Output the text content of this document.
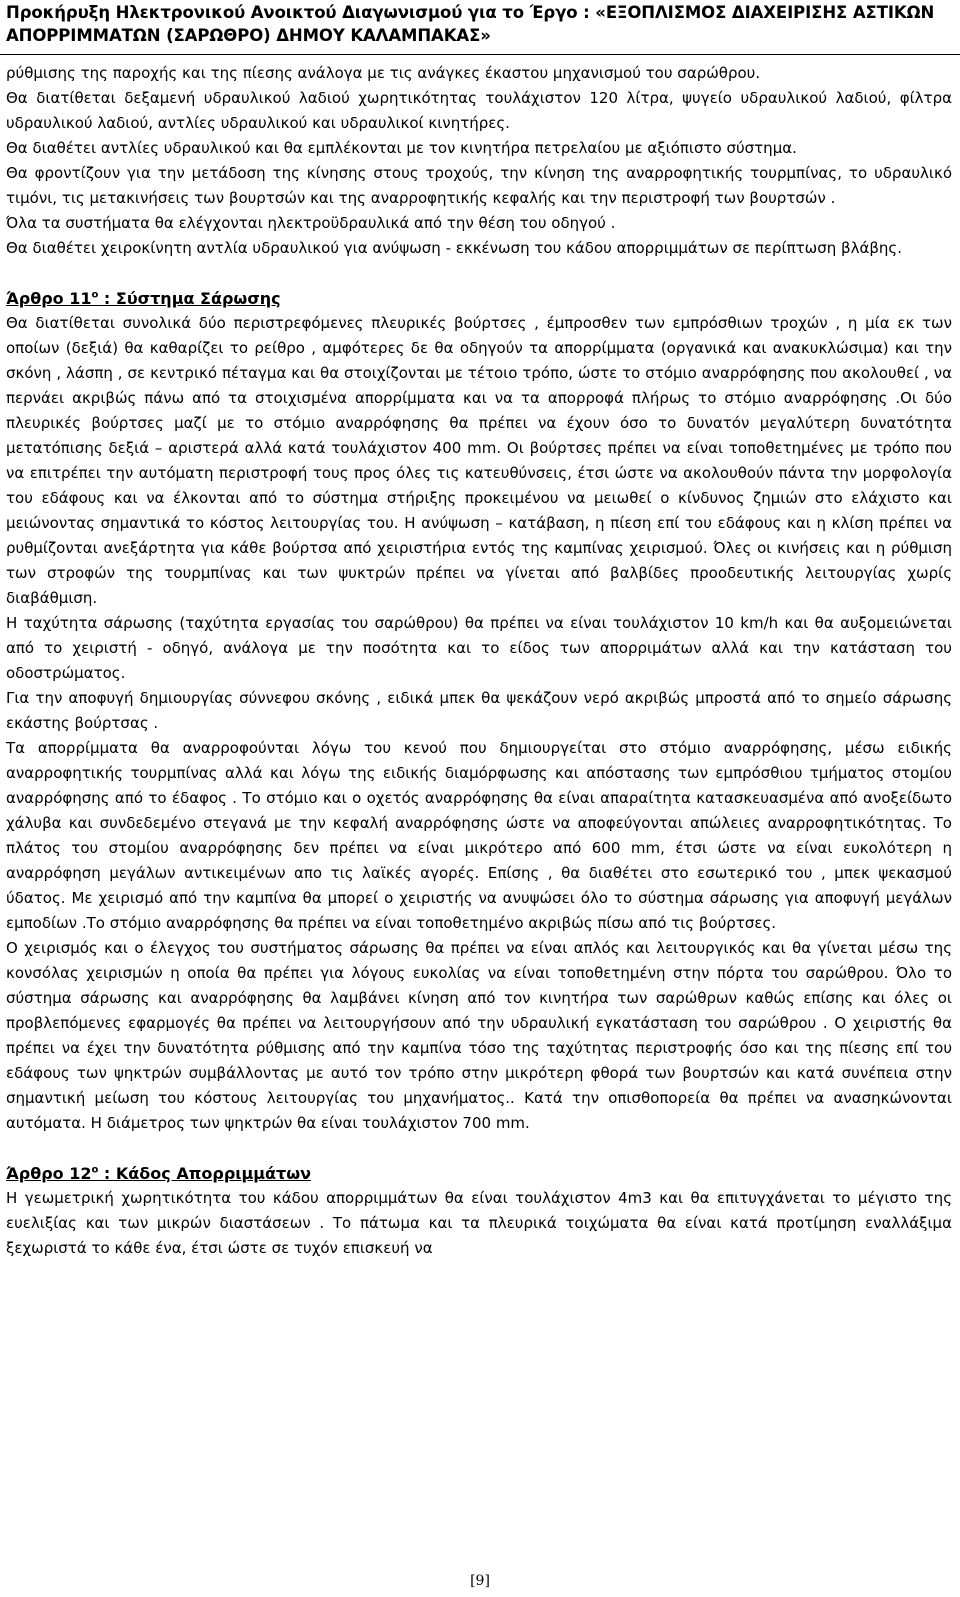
Προκήρυξη Ηλεκτρονικού Ανοικτού Διαγωνισμού για το Έργο : «ΕΞΟΠΛΙΣΜΟΣ ΔΙΑΧΕΙΡΙΣΗΣ ΑΣΤΙΚΩΝ ΑΠΟΡΡΙΜΜΑΤΩΝ (ΣΑΡΩΘΡΟ) ΔΗΜΟΥ ΚΑΛΑΜΠΑΚΑΣ»

ρύθμισης της παροχής και της πίεσης ανάλογα με τις ανάγκες έκαστου μηχανισμού του σαρώθρου.

Θα διατίθεται δεξαμενή υδραυλικού λαδιού χωρητικότητας τουλάχιστον 120 λίτρα, ψυγείο υδραυλικού λαδιού, φίλτρα υδραυλικού λαδιού, αντλίες υδραυλικού και υδραυλικοί κινητήρες.

Θα διαθέτει αντλίες υδραυλικού και θα εμπλέκονται με τον κινητήρα πετρελαίου με αξιόπιστο σύστημα.

Θα φροντίζουν για την μετάδοση της κίνησης στους τροχούς, την κίνηση της αναρροφητικής τουρμπίνας, το υδραυλικό τιμόνι, τις μετακινήσεις των βουρτσών και της αναρροφητικής κεφαλής και την περιστροφή των βουρτσών .

Όλα τα συστήματα θα ελέγχονται ηλεκτροϋδραυλικά από την θέση του οδηγού .

Θα διαθέτει χειροκίνητη αντλία υδραυλικού για ανύψωση - εκκένωση του κάδου απορριμμάτων σε περίπτωση βλάβης.

Άρθρο $11^o$ : Σύστημα Σάρωσης

Θα διατίθεται συνολικά δύο περιστρεφόμενες πλευρικές βούρτσες , έμπροσθεν των εμπρόσθιων τροχών , η μία εκ των οποίων (δεξιά) θα καθαρίζει το ρείθρο , αμφότερες δε θα οδηγούν τα απορρίμματα (οργανικά και ανακυκλώσιμα) και την σκόνη , λάσπη , σε κεντρικό πέταγμα και θα στοιχίζονται με τέτοιο τρόπο, ώστε το στόμιο αναρρόφησης που ακολουθεί , να περνάει ακριβώς πάνω από τα στοιχισμένα απορρίμματα και να τα απορροφά πλήρως το στόμιο αναρρόφησης .Οι δύο πλευρικές βούρτσες μαζί με το στόμιο αναρρόφησης θα πρέπει να έχουν όσο το δυνατόν μεγαλύτερη δυνατότητα μετατόπισης δεξιά – αριστερά αλλά κατά τουλάχιστον 400 mm. Οι βούρτσες πρέπει να είναι τοποθετημένες με τρόπο που να επιτρέπει την αυτόματη περιστροφή τους προς όλες τις κατευθύνσεις, έτσι ώστε να ακολουθούν πάντα την μορφολογία του εδάφους και να έλκονται από το σύστημα στήριξης προκειμένου να μειωθεί ο κίνδυνος ζημιών στο ελάχιστο και μειώνοντας σημαντικά το κόστος λειτουργίας του. Η ανύψωση – κατάβαση, η πίεση επί του εδάφους και η κλίση πρέπει να ρυθμίζονται ανεξάρτητα για κάθε βούρτσα από χειριστήρια εντός της καμπίνας χειρισμού. Όλες οι κινήσεις και η ρύθμιση των στροφών της τουρμπίνας και των ψυκτρών πρέπει να γίνεται από βαλβίδες προοδευτικής λειτουργίας χωρίς διαβάθμιση.

Η ταχύτητα σάρωσης (ταχύτητα εργασίας του σαρώθρου) θα πρέπει να είναι τουλάχιστον 10 km/h και θα αυξομειώνεται από το χειριστή - οδηγό, ανάλογα με την ποσότητα και το είδος των απορριμάτων αλλά και την κατάσταση του οδοστρώματος.

Για την αποφυγή δημιουργίας σύννεφου σκόνης , ειδικά μπεκ θα ψεκάζουν νερό ακριβώς μπροστά από το σημείο σάρωσης εκάστης βούρτσας .

Τα απορρίμματα θα αναρροφούνται λόγω του κενού που δημιουργείται στο στόμιο αναρρόφησης, μέσω ειδικής αναρροφητικής τουρμπίνας αλλά και λόγω της ειδικής διαμόρφωσης και απόστασης των εμπρόσθιου τμήματος στομίου αναρρόφησης από το έδαφος . Το στόμιο και ο οχετός αναρρόφησης θα είναι απαραίτητα κατασκευασμένα από ανοξείδωτο χάλυβα και συνδεδεμένο στεγανά με την κεφαλή αναρρόφησης ώστε να αποφεύγονται απώλειες αναρροφητικότητας. Το πλάτος του στομίου αναρρόφησης δεν πρέπει να είναι μικρότερο από 600 mm, έτσι ώστε να είναι ευκολότερη η αναρρόφηση μεγάλων αντικειμένων απο τις λαϊκές αγορές. Επίσης , θα διαθέτει στο εσωτερικό του , μπεκ ψεκασμού ύδατος. Με χειρισμό από την καμπίνα θα μπορεί ο χειριστής να ανυψώσει όλο το σύστημα σάρωσης για αποφυγή μεγάλων εμποδίων .Το στόμιο αναρρόφησης θα πρέπει να είναι τοποθετημένο ακριβώς πίσω από τις βούρτσες.

Ο χειρισμός και ο έλεγχος του συστήματος σάρωσης θα πρέπει να είναι απλός και λειτουργικός και θα γίνεται μέσω της κονσόλας χειρισμών η οποία θα πρέπει για λόγους ευκολίας να είναι τοποθετημένη στην πόρτα του σαρώθρου. Όλο το σύστημα σάρωσης και αναρρόφησης θα λαμβάνει κίνηση από τον κινητήρα των σαρώθρων καθώς επίσης και όλες οι προβλεπόμενες εφαρμογές θα πρέπει να λειτουργήσουν από την υδραυλική εγκατάσταση του σαρώθρου . Ο χειριστής θα πρέπει να έχει την δυνατότητα ρύθμισης από την καμπίνα τόσο της ταχύτητας περιστροφής όσο και της πίεσης επί του εδάφους των ψηκτρών συμβάλλοντας με αυτό τον τρόπο στην μικρότερη φθορά των βουρτσών και κατά συνέπεια στην σημαντική μείωση του κόστους λειτουργίας του μηχανήματος.. Κατά την οπισθοπορεία θα πρέπει να ανασηκώνονται αυτόματα. Η διάμετρος των ψηκτρών θα είναι τουλάχιστον 700 mm.

Άρθρο $12^o$ : Κάδος Απορριμμάτων

Η γεωμετρική χωρητικότητα του κάδου απορριμμάτων θα είναι τουλάχιστον 4m3 και θα επιτυγχάνεται το μέγιστο της ευελιξίας και των μικρών διαστάσεων . Το πάτωμα και τα πλευρικά τοιχώματα θα είναι κατά προτίμηση εναλλάξιμα ξεχωριστά το κάθε ένα, έτσι ώστε σε τυχόν επισκευή να

[9]
